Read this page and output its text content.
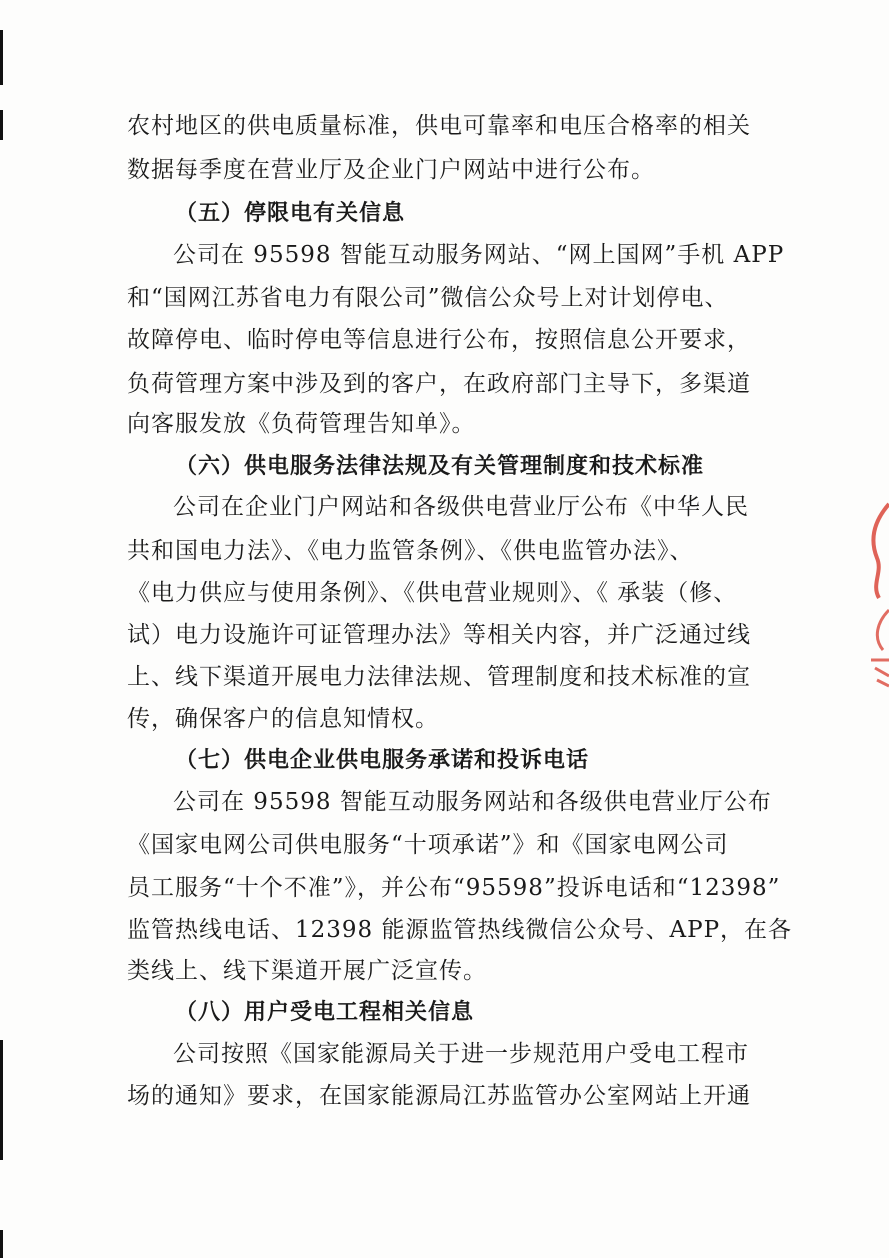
农村地区的供电质量标准，供电可靠率和电压合格率的相关
数据每季度在营业厅及企业门户网站中进行公布。
（五）停限电有关信息
公司在 95598 智能互动服务网站、“网上国网”手机 APP
和“国网江苏省电力有限公司”微信公众号上对计划停电、
故障停电、临时停电等信息进行公布，按照信息公开要求，
负荷管理方案中涉及到的客户，在政府部门主导下，多渠道
向客服发放《负荷管理告知单》。
（六）供电服务法律法规及有关管理制度和技术标准
公司在企业门户网站和各级供电营业厅公布《中华人民
共和国电力法》、《电力监管条例》、《供电监管办法》、
《电力供应与使用条例》、《供电营业规则》、《 承装（修、
试）电力设施许可证管理办法》等相关内容，并广泛通过线
上、线下渠道开展电力法律法规、管理制度和技术标准的宣
传，确保客户的信息知情权。
（七）供电企业供电服务承诺和投诉电话
公司在 95598 智能互动服务网站和各级供电营业厅公布
《国家电网公司供电服务“十项承诺”》和《国家电网公司
员工服务“十个不准”》，并公布“95598”投诉电话和“12398”
监管热线电话、12398 能源监管热线微信公众号、APP，在各
类线上、线下渠道开展广泛宣传。
（八）用户受电工程相关信息
公司按照《国家能源局关于进一步规范用户受电工程市
场的通知》要求，在国家能源局江苏监管办公室网站上开通
